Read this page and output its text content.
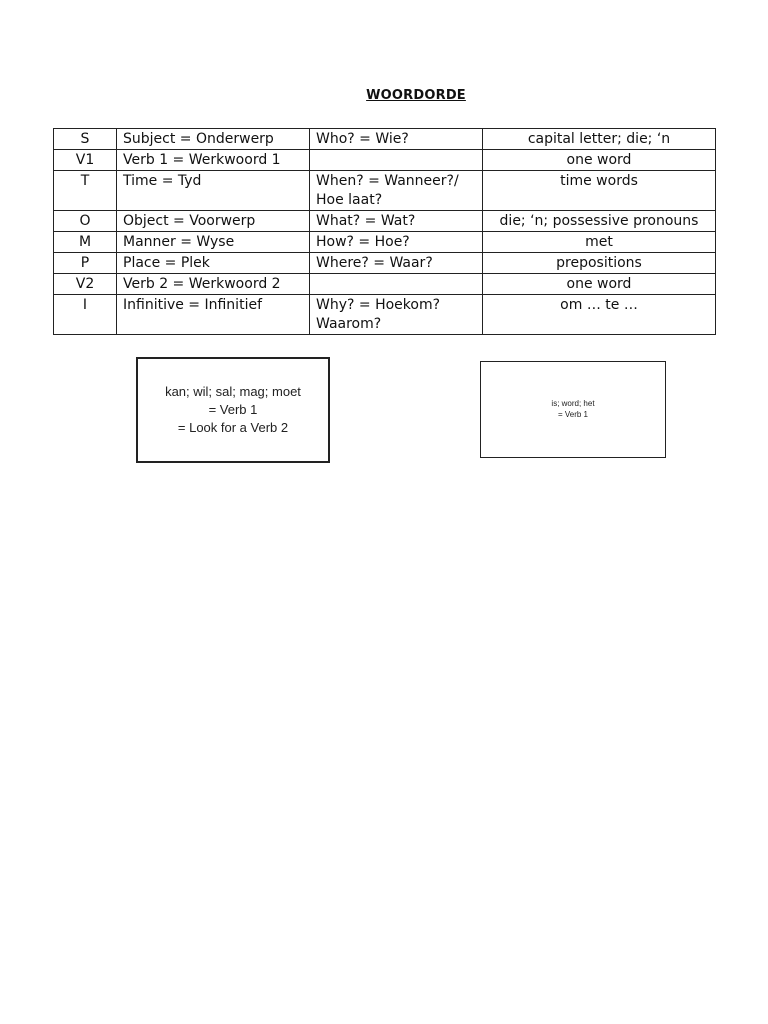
WOORDORDE
S	Subject = Onderwerp	Who? = Wie?	capital letter; die; ‘n
V1	Verb 1 = Werkwoord 1		one word
T	Time = Tyd	When? = Wanneer?/ Hoe laat?	time words
O	Object = Voorwerp	What? = Wat?	die; ‘n; possessive pronouns
M	Manner = Wyse	How? = Hoe?	met
P	Place = Plek	Where? = Waar?	prepositions
V2	Verb 2 = Werkwoord 2		one word
I	Infinitive = Infinitief	Why? = Hoekom? Waarom?	om … te …
kan; wil; sal; mag; moet
= Verb 1
= Look for a Verb 2
is; word; het
= Verb 1
